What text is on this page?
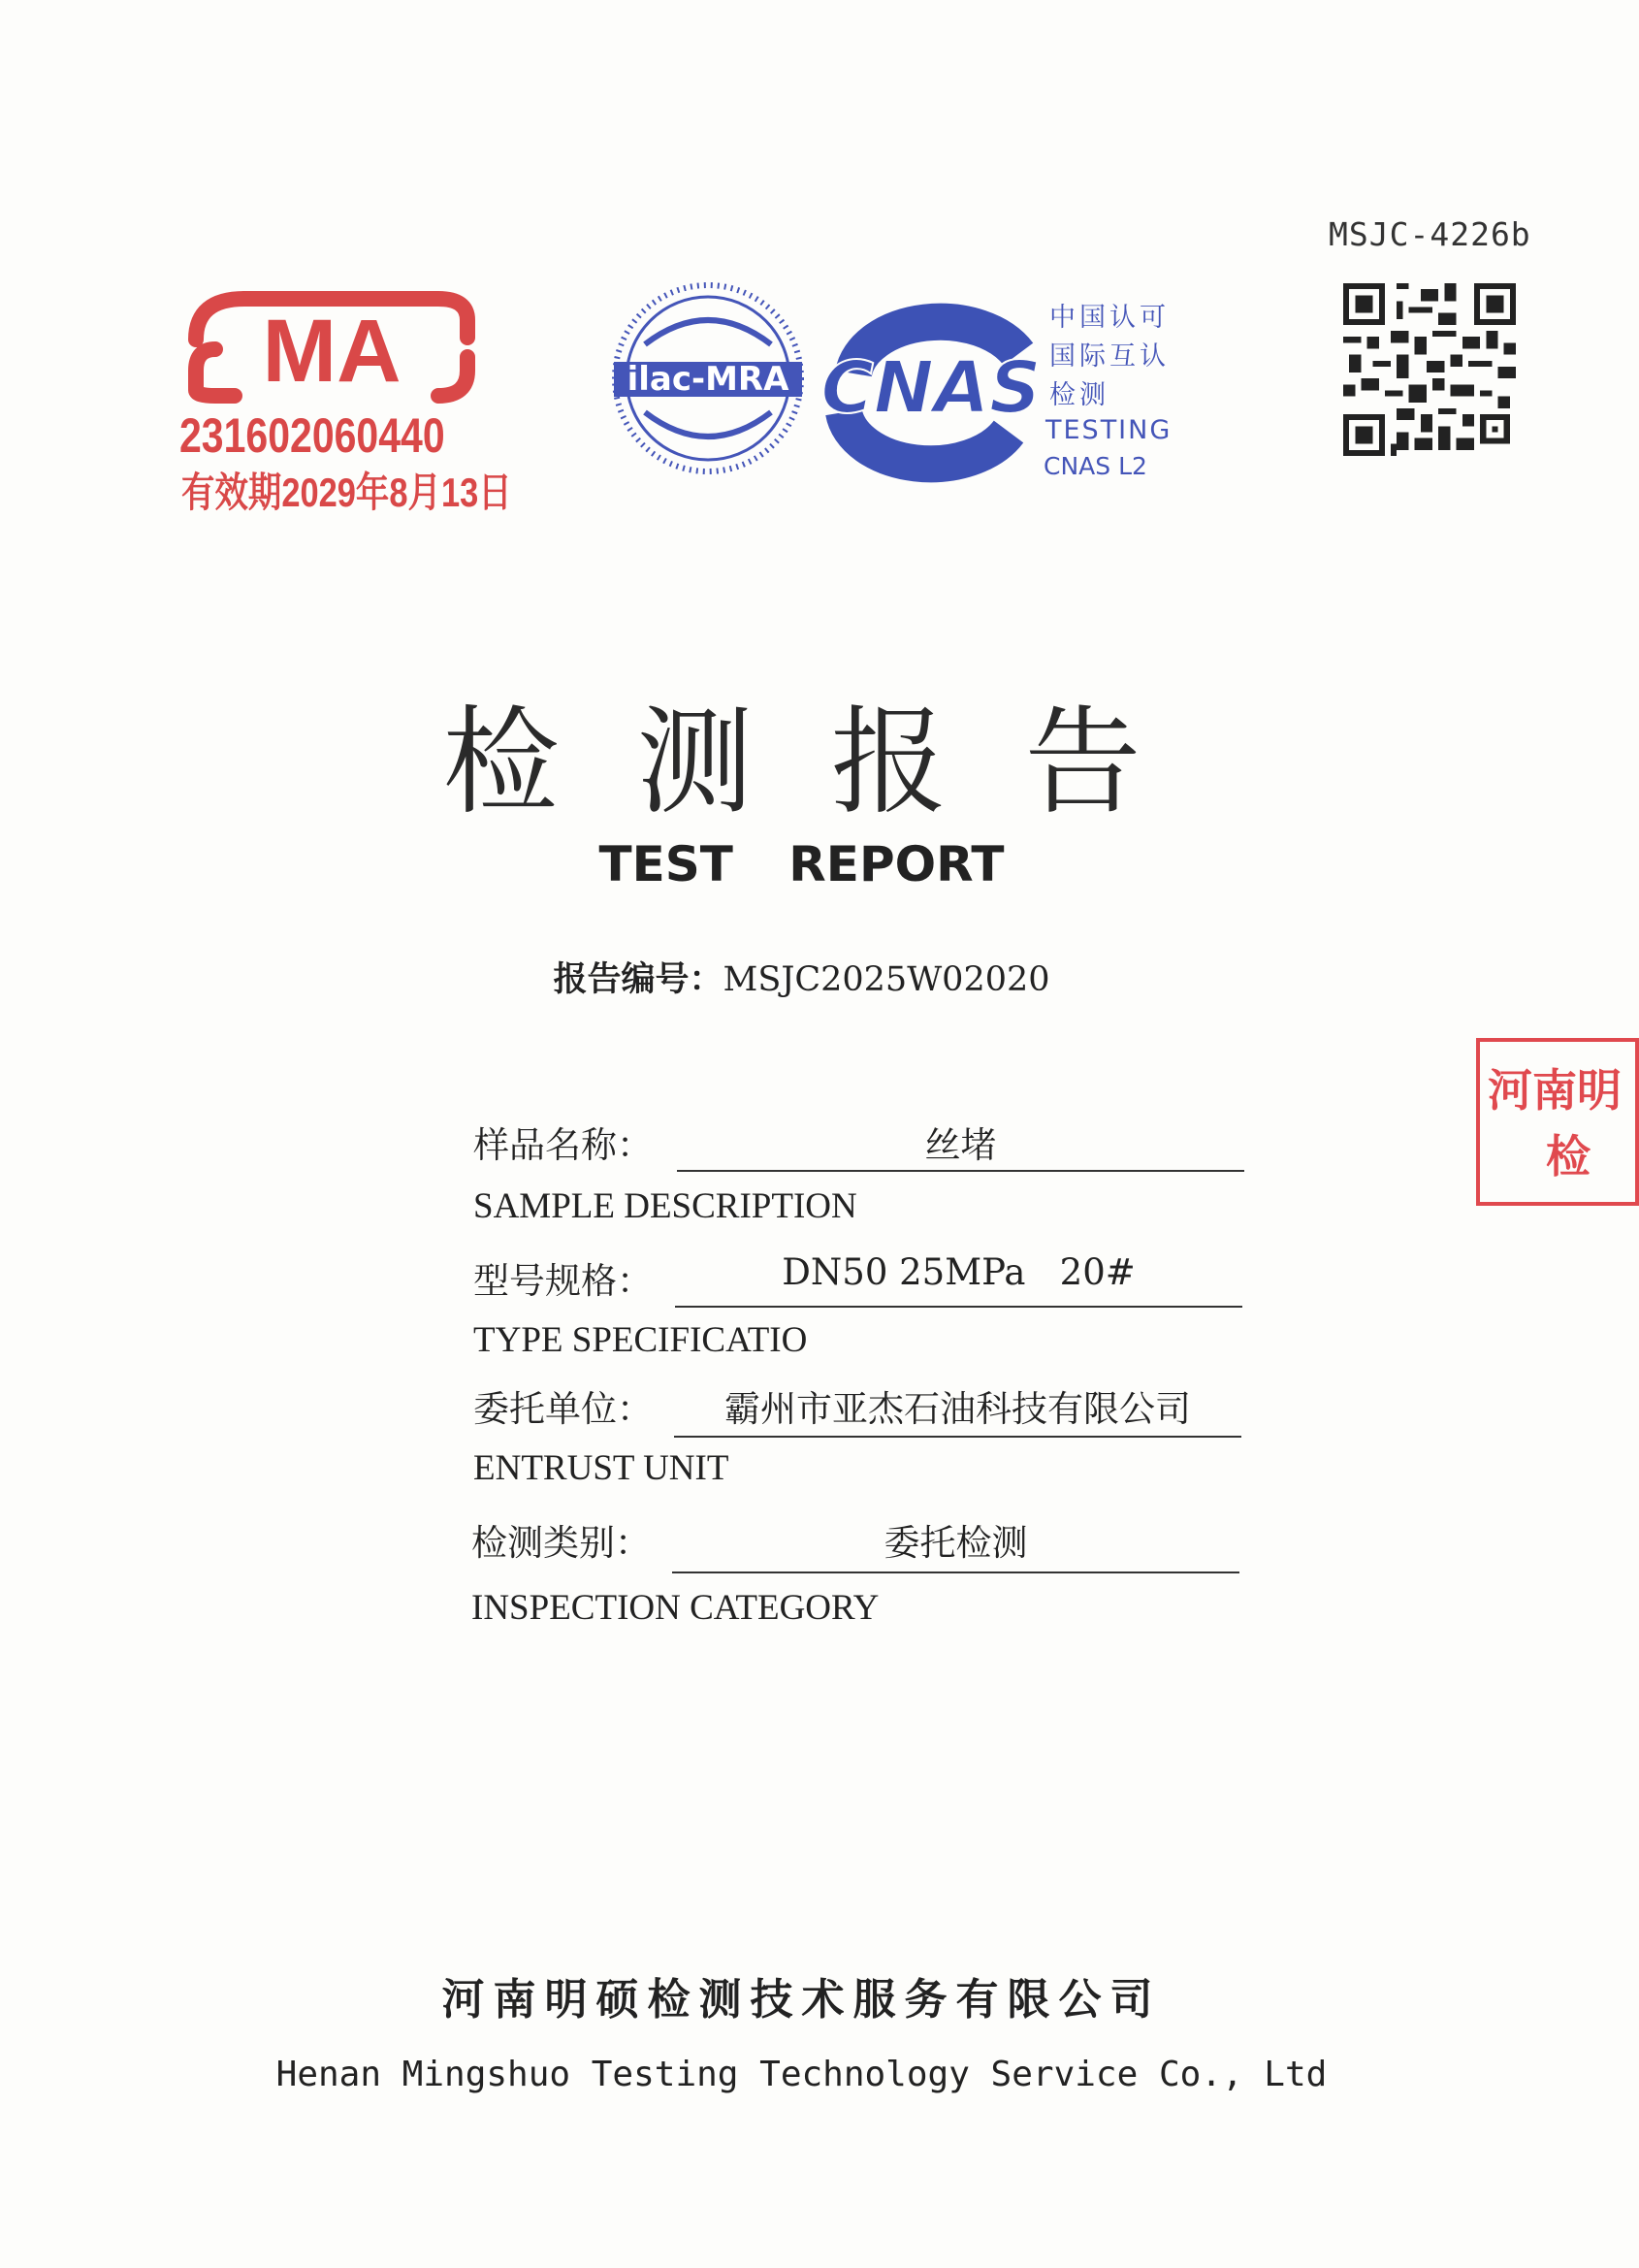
MSJC-4226b
MA
231602060440
有效期2029年8月13日
ilac-MRA CNAS
中国认可
国际互认
检测
TESTING
CNAS L2
检测报告
TEST REPORT
报告编号：MSJC2025W02020
样品名称：	丝堵
SAMPLE DESCRIPTION
型号规格：	DN50 25MPa   20#
TYPE SPECIFICATIO
委托单位：	霸州市亚杰石油科技有限公司
ENTRUST UNIT
检测类别：	委托检测
INSPECTION CATEGORY
河南明
检
河南明硕检测技术服务有限公司
Henan Mingshuo Testing Technology Service Co., Ltd
